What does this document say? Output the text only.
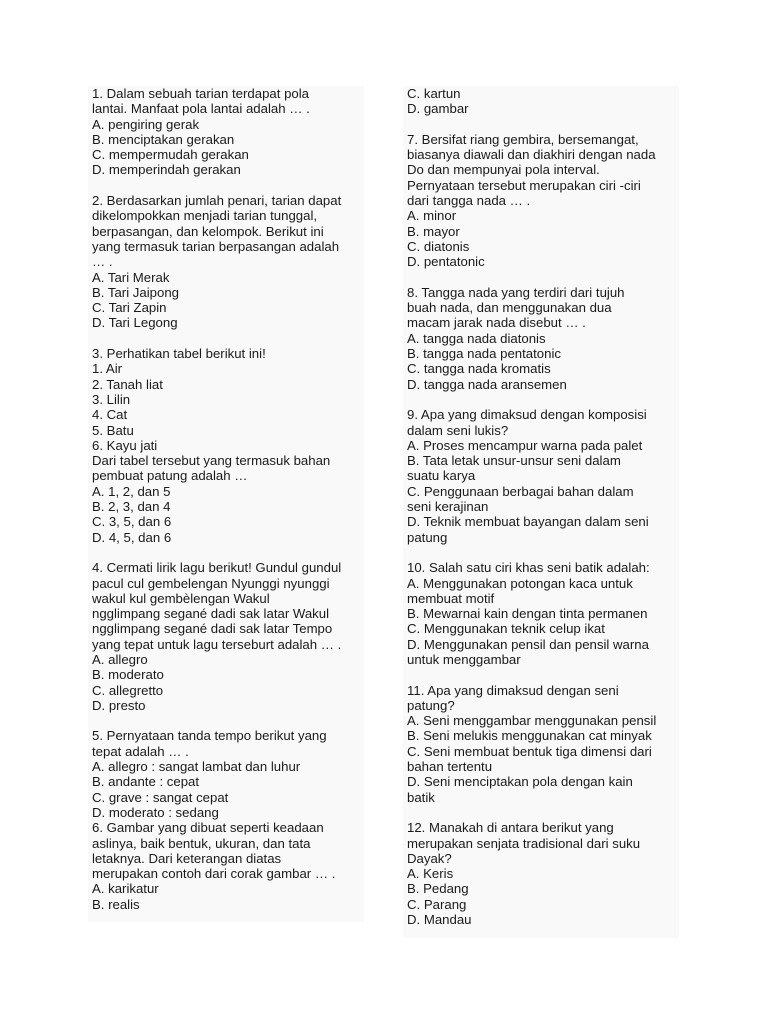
1. Dalam sebuah tarian terdapat pola
lantai. Manfaat pola lantai adalah … .
A. pengiring gerak
B. menciptakan gerakan
C. mempermudah gerakan
D. memperindah gerakan
2. Berdasarkan jumlah penari, tarian dapat
dikelompokkan menjadi tarian tunggal,
berpasangan, dan kelompok. Berikut ini
yang termasuk tarian berpasangan adalah
… .
A. Tari Merak
B. Tari Jaipong
C. Tari Zapin
D. Tari Legong
3. Perhatikan tabel berikut ini!
1. Air
2. Tanah liat
3. Lilin
4. Cat
5. Batu
6. Kayu jati
Dari tabel tersebut yang termasuk bahan
pembuat patung adalah …
A. 1, 2, dan 5
B. 2, 3, dan 4
C. 3, 5, dan 6
D. 4, 5, dan 6
4. Cermati lirik lagu berikut! Gundul gundul
pacul cul gembelengan Nyunggi nyunggi
wakul kul gembèlengan Wakul
ngglimpang segané dadi sak latar Wakul
ngglimpang segané dadi sak latar Tempo
yang tepat untuk lagu terseburt adalah … .
A. allegro
B. moderato
C. allegretto
D. presto
5. Pernyataan tanda tempo berikut yang
tepat adalah … .
A. allegro : sangat lambat dan luhur
B. andante : cepat
C. grave : sangat cepat
D. moderato : sedang
6. Gambar yang dibuat seperti keadaan
aslinya, baik bentuk, ukuran, dan tata
letaknya. Dari keterangan diatas
merupakan contoh dari corak gambar … .
A. karikatur
B. realis
C. kartun
D. gambar
7. Bersifat riang gembira, bersemangat,
biasanya diawali dan diakhiri dengan nada
Do dan mempunyai pola interval.
Pernyataan tersebut merupakan ciri -ciri
dari tangga nada … .
A. minor
B. mayor
C. diatonis
D. pentatonic
8. Tangga nada yang terdiri dari tujuh
buah nada, dan menggunakan dua
macam jarak nada disebut … .
A. tangga nada diatonis
B. tangga nada pentatonic
C. tangga nada kromatis
D. tangga nada aransemen
9. Apa yang dimaksud dengan komposisi
dalam seni lukis?
A. Proses mencampur warna pada palet
B. Tata letak unsur-unsur seni dalam
suatu karya
C. Penggunaan berbagai bahan dalam
seni kerajinan
D. Teknik membuat bayangan dalam seni
patung
10. Salah satu ciri khas seni batik adalah:
A. Menggunakan potongan kaca untuk
membuat motif
B. Mewarnai kain dengan tinta permanen
C. Menggunakan teknik celup ikat
D. Menggunakan pensil dan pensil warna
untuk menggambar
11. Apa yang dimaksud dengan seni
patung?
A. Seni menggambar menggunakan pensil
B. Seni melukis menggunakan cat minyak
C. Seni membuat bentuk tiga dimensi dari
bahan tertentu
D. Seni menciptakan pola dengan kain
batik
12. Manakah di antara berikut yang
merupakan senjata tradisional dari suku
Dayak?
A. Keris
B. Pedang
C. Parang
D. Mandau
